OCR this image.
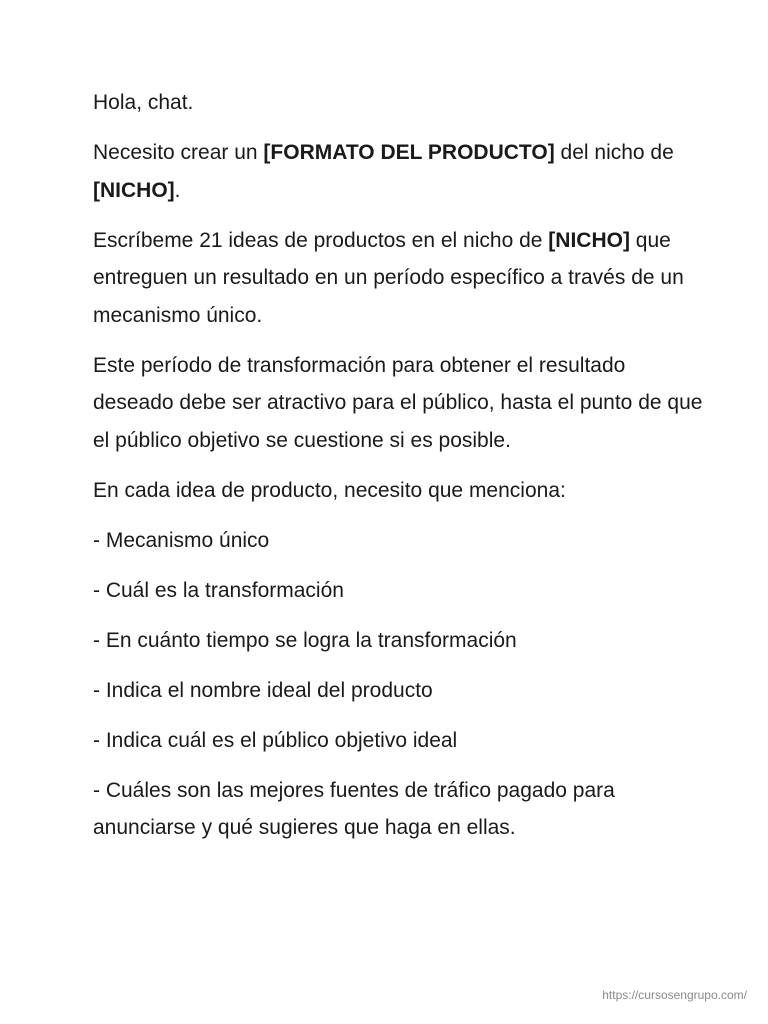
Hola, chat.

Necesito crear un [FORMATO DEL PRODUCTO] del nicho de [NICHO].

Escríbeme 21 ideas de productos en el nicho de [NICHO] que entreguen un resultado en un período específico a través de un mecanismo único.

Este período de transformación para obtener el resultado deseado debe ser atractivo para el público, hasta el punto de que el público objetivo se cuestione si es posible.

En cada idea de producto, necesito que menciona:

- Mecanismo único

- Cuál es la transformación

- En cuánto tiempo se logra la transformación

- Indica el nombre ideal del producto

- Indica cuál es el público objetivo ideal

- Cuáles son las mejores fuentes de tráfico pagado para anunciarse y qué sugieres que haga en ellas.

https://cursosengrupo.com/
